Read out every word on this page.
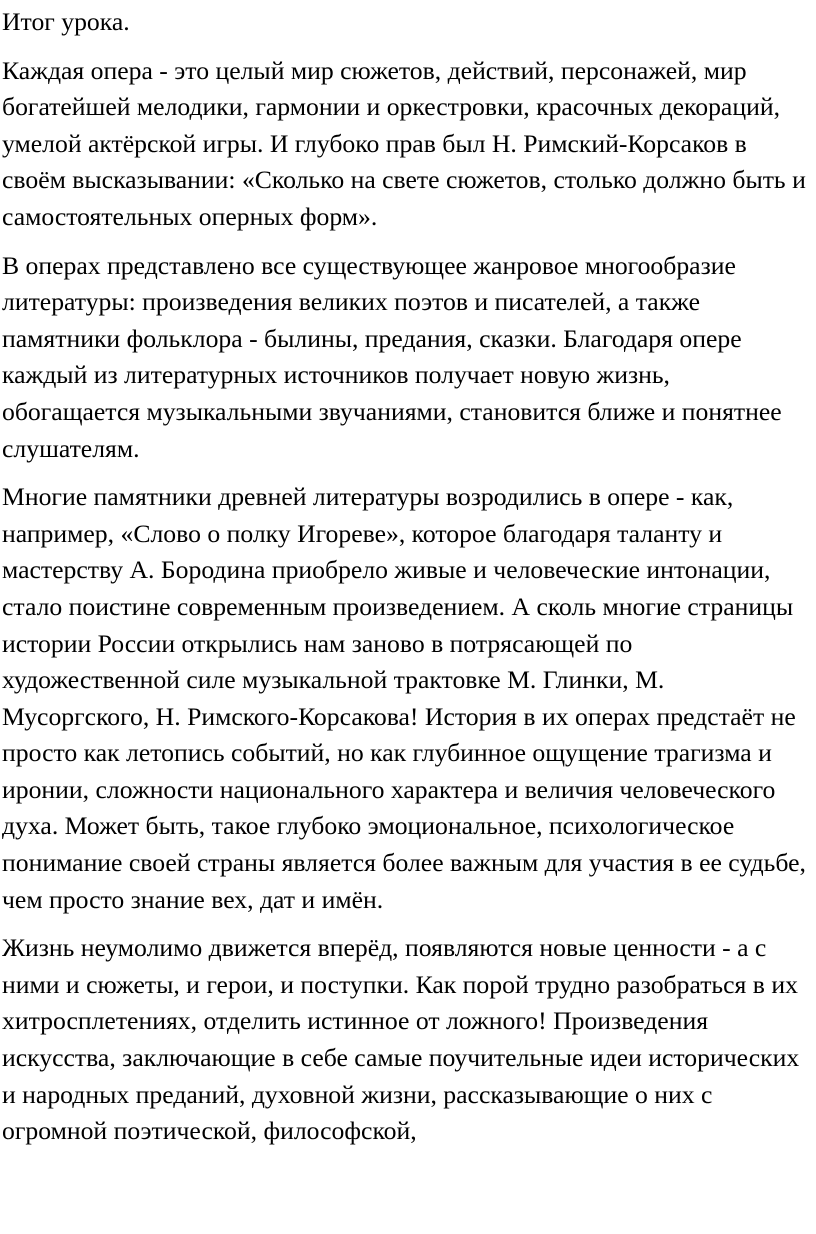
Итог урока.

Каждая опера - это целый мир сюжетов, действий, персонажей, мир богатейшей мелодики, гармонии и оркестровки, красочных декораций, умелой актёрской игры. И глубоко прав был Н. Римский-Корсаков в своём высказывании: «Сколько на свете сюжетов, столько должно быть и самостоятельных оперных форм».

В операх представлено все существующее жанровое многообразие литературы: произведения великих поэтов и писателей, а также памятники фольклора - былины, предания, сказки. Благодаря опере каждый из литературных источников получает новую жизнь, обогащается музыкальными звучаниями, становится ближе и понятнее слушателям.

Многие памятники древней литературы возродились в опере - как, например, «Слово о полку Игореве», которое благодаря таланту и мастерству А. Бородина приобрело живые и человеческие интонации, стало поистине современным произведением. А сколь многие страницы истории России открылись нам заново в потрясающей по художественной силе музыкальной трактовке М. Глинки, М. Мусоргского, Н. Римского-Корсакова! История в их операх предстаёт не просто как летопись событий, но как глубинное ощущение трагизма и иронии, сложности национального характера и величия человеческого духа. Может быть, такое глубоко эмоциональное, психологическое понимание своей страны является более важным для участия в ее судьбе, чем просто знание вех, дат и имён.

Жизнь неумолимо движется вперёд, появляются новые ценности - а с ними и сюжеты, и герои, и поступки. Как порой трудно разобраться в их хитросплетениях, отделить истинное от ложного! Произведения искусства, заключающие в себе самые поучительные идеи исторических и народных преданий, духовной жизни, рассказывающие о них с огромной поэтической, философской,
